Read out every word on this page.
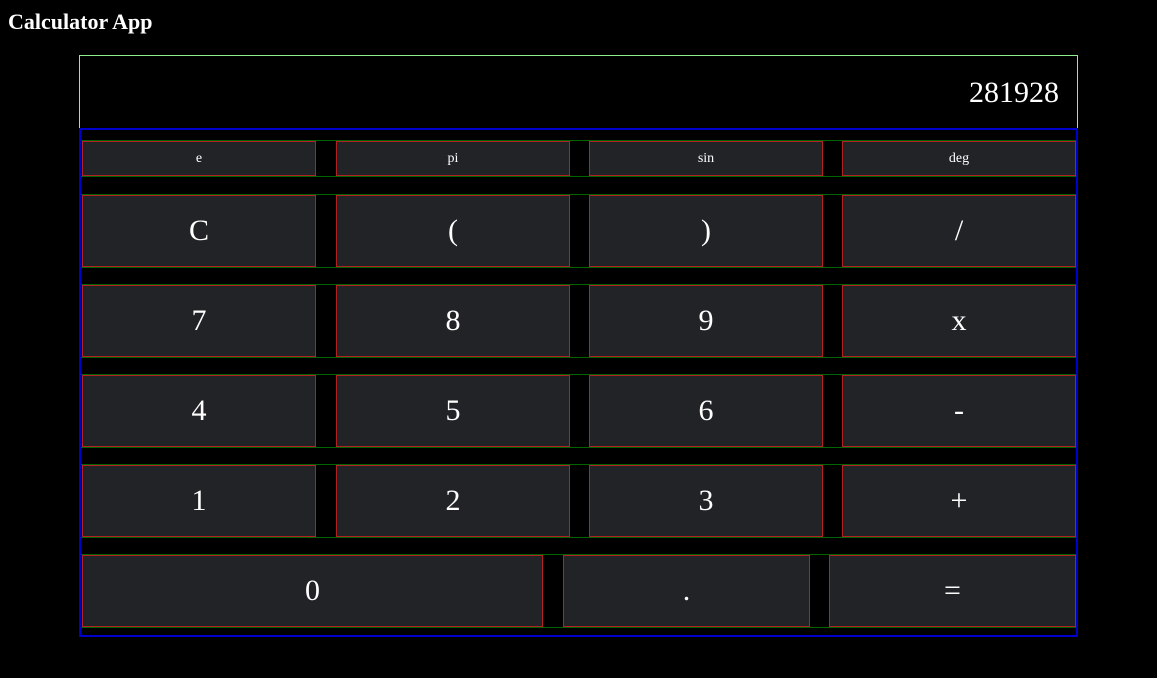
Calculator App
281928
e	pi	sin	deg
C	(	)	/
7	8	9	x
4	5	6	-
1	2	3	+
0	.	=
